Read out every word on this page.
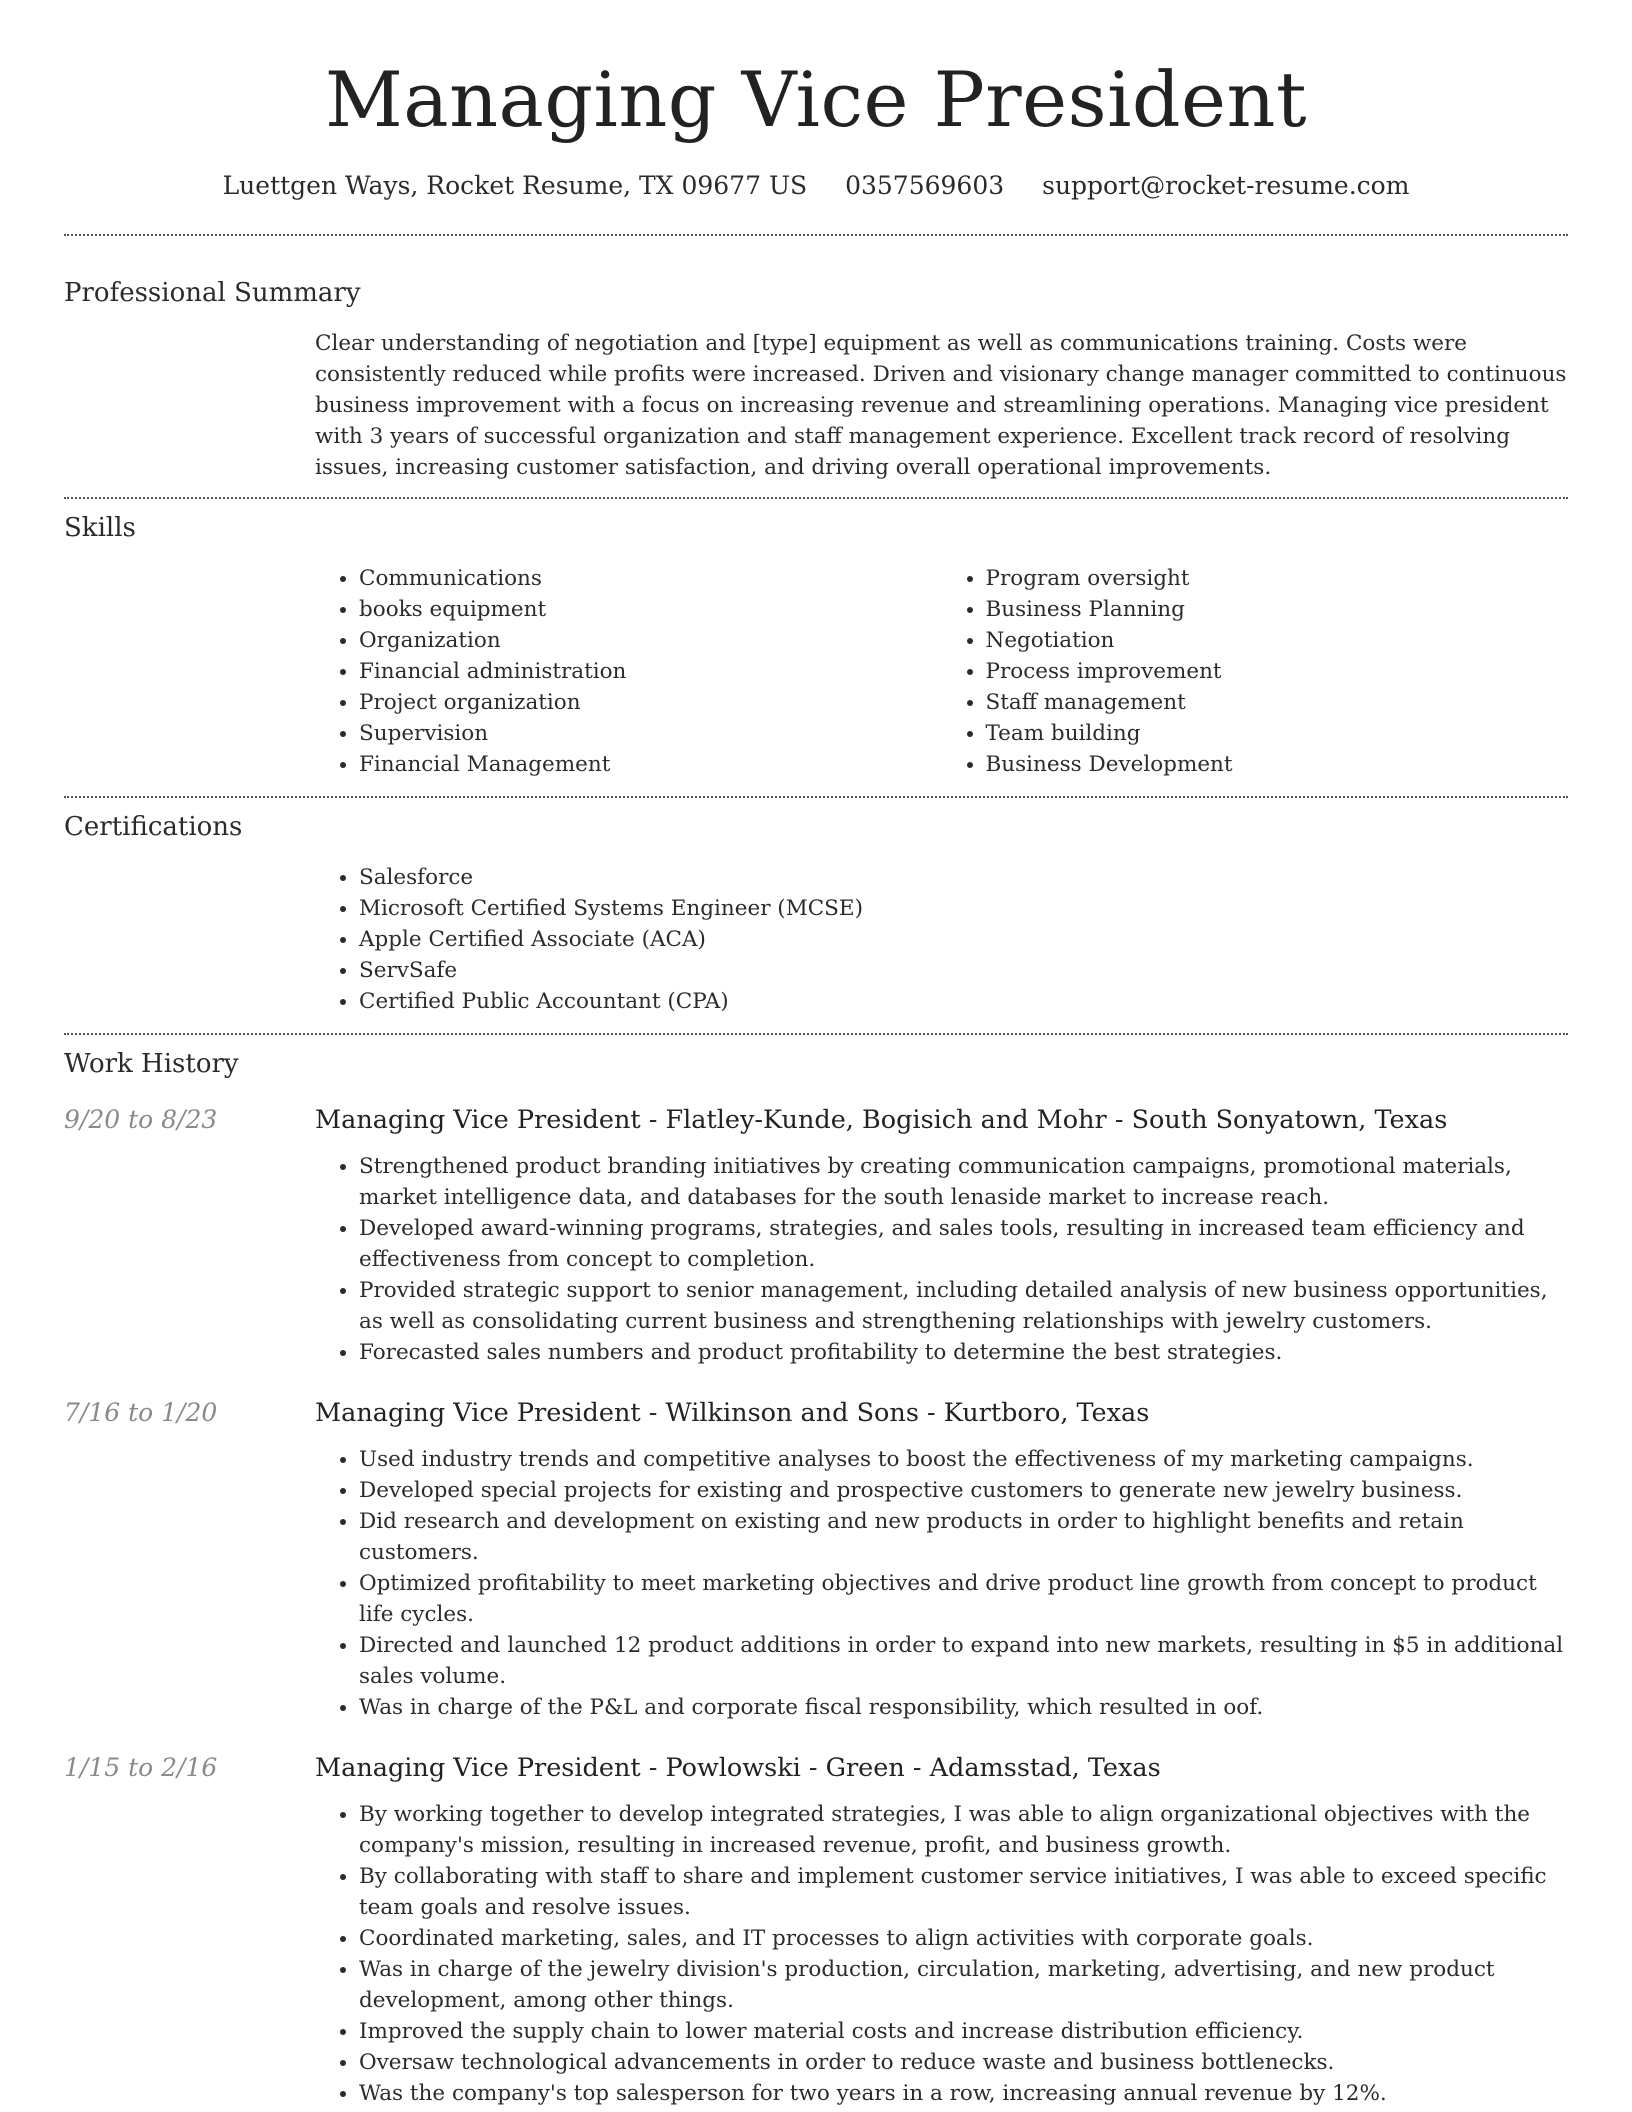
Managing Vice President
Luettgen Ways, Rocket Resume, TX 09677 US 0357569603 support@rocket-resume.com
Professional Summary

Clear understanding of negotiation and [type] equipment as well as communications training. Costs were consistently reduced while profits were increased. Driven and visionary change manager committed to continuous business improvement with a focus on increasing revenue and streamlining operations. Managing vice president with 3 years of successful organization and staff management experience. Excellent track record of resolving issues, increasing customer satisfaction, and driving overall operational improvements.

Skills
• Communications
• books equipment
• Organization
• Financial administration
• Project organization
• Supervision
• Financial Management
• Program oversight
• Business Planning
• Negotiation
• Process improvement
• Staff management
• Team building
• Business Development
Certifications
• Salesforce
• Microsoft Certified Systems Engineer (MCSE)
• Apple Certified Associate (ACA)
• ServSafe
• Certified Public Accountant (CPA)
Work History
9/20 to 8/23	Managing Vice President - Flatley-Kunde, Bogisich and Mohr - South Sonyatown, Texas
• Strengthened product branding initiatives by creating communication campaigns, promotional materials, market intelligence data, and databases for the south lenaside market to increase reach.
• Developed award-winning programs, strategies, and sales tools, resulting in increased team efficiency and effectiveness from concept to completion.
• Provided strategic support to senior management, including detailed analysis of new business opportunities, as well as consolidating current business and strengthening relationships with jewelry customers.
• Forecasted sales numbers and product profitability to determine the best strategies.
7/16 to 1/20	Managing Vice President - Wilkinson and Sons - Kurtboro, Texas
• Used industry trends and competitive analyses to boost the effectiveness of my marketing campaigns.
• Developed special projects for existing and prospective customers to generate new jewelry business.
• Did research and development on existing and new products in order to highlight benefits and retain customers.
• Optimized profitability to meet marketing objectives and drive product line growth from concept to product life cycles.
• Directed and launched 12 product additions in order to expand into new markets, resulting in $5 in additional sales volume.
• Was in charge of the P&L and corporate fiscal responsibility, which resulted in oof.
1/15 to 2/16	Managing Vice President - Powlowski - Green - Adamsstad, Texas
• By working together to develop integrated strategies, I was able to align organizational objectives with the company's mission, resulting in increased revenue, profit, and business growth.
• By collaborating with staff to share and implement customer service initiatives, I was able to exceed specific team goals and resolve issues.
• Coordinated marketing, sales, and IT processes to align activities with corporate goals.
• Was in charge of the jewelry division's production, circulation, marketing, advertising, and new product development, among other things.
• Improved the supply chain to lower material costs and increase distribution efficiency.
• Oversaw technological advancements in order to reduce waste and business bottlenecks.
• Was the company's top salesperson for two years in a row, increasing annual revenue by 12%.
